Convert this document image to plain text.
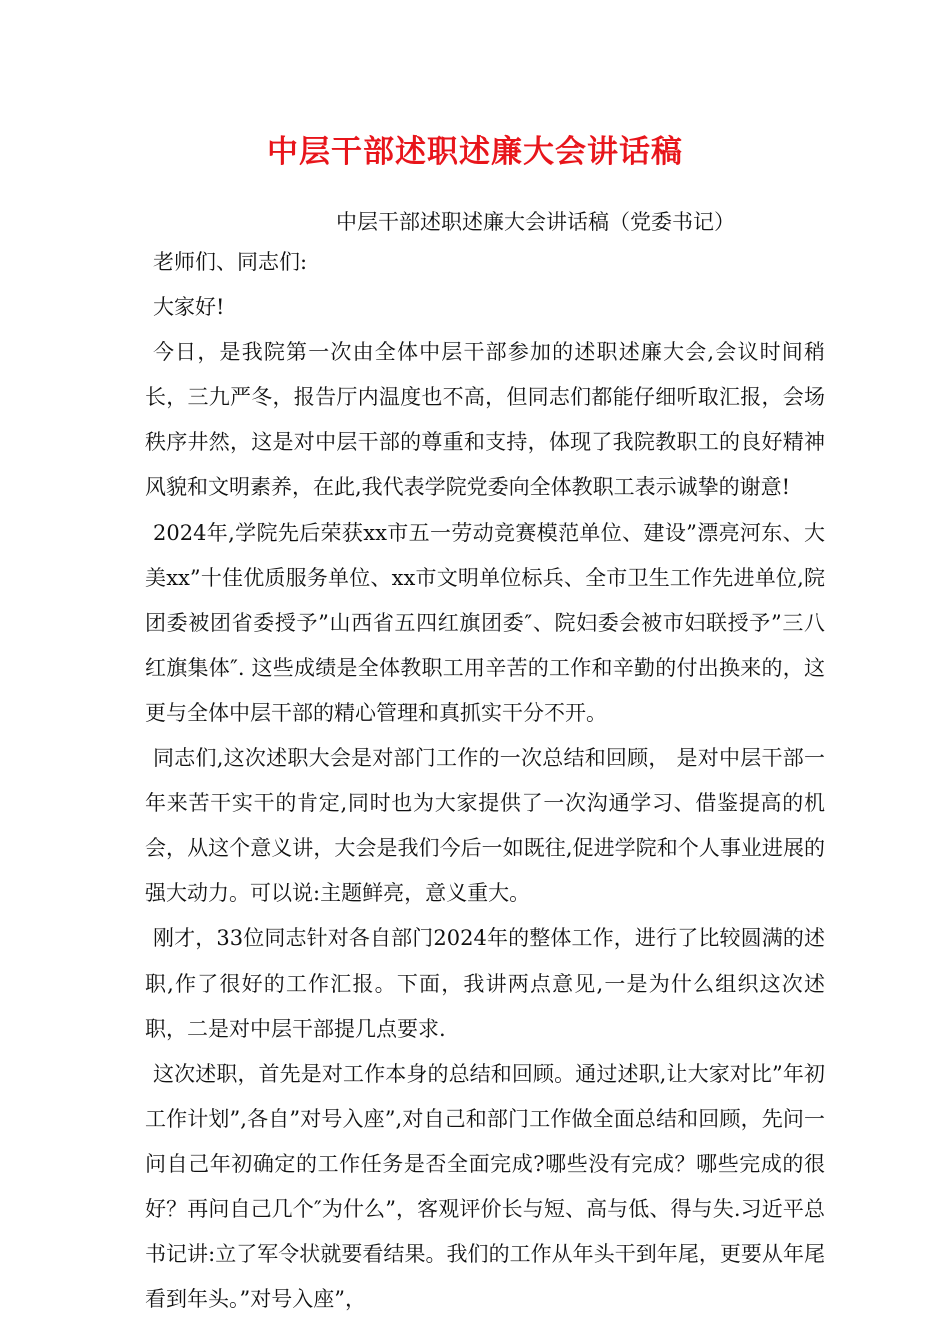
中层干部述职述廉大会讲话稿
中层干部述职述廉大会讲话稿（党委书记）

老师们、同志们:

大家好!

今日，是我院第一次由全体中层干部参加的述职述廉大会,会议时间稍长，三九严冬，报告厅内温度也不高，但同志们都能仔细听取汇报，会场秩序井然，这是对中层干部的尊重和支持，体现了我院教职工的良好精神风貌和文明素养，在此,我代表学院党委向全体教职工表示诚挚的谢意!

2024年,学院先后荣获xx市五一劳动竞赛模范单位、建设”漂亮河东、大美xx”十佳优质服务单位、xx市文明单位标兵、全市卫生工作先进单位,院团委被团省委授予”山西省五四红旗团委″、院妇委会被市妇联授予”三八红旗集体″. 这些成绩是全体教职工用辛苦的工作和辛勤的付出换来的，这更与全体中层干部的精心管理和真抓实干分不开。

同志们,这次述职大会是对部门工作的一次总结和回顾， 是对中层干部一年来苦干实干的肯定,同时也为大家提供了一次沟通学习、借鉴提高的机会，从这个意义讲，大会是我们今后一如既往,促进学院和个人事业进展的强大动力。可以说:主题鲜亮，意义重大。

刚才，33位同志针对各自部门2024年的整体工作，进行了比较圆满的述职,作了很好的工作汇报。下面，我讲两点意见,一是为什么组织这次述职，二是对中层干部提几点要求.

这次述职，首先是对工作本身的总结和回顾。通过述职,让大家对比”年初工作计划”,各自”对号入座”,对自己和部门工作做全面总结和回顾，先问一问自己年初确定的工作任务是否全面完成?哪些没有完成？哪些完成的很好？再问自己几个″为什么”，客观评价长与短、高与低、得与失.习近平总书记讲:立了军令状就要看结果。我们的工作从年头干到年尾，更要从年尾看到年头。”对号入座”，
